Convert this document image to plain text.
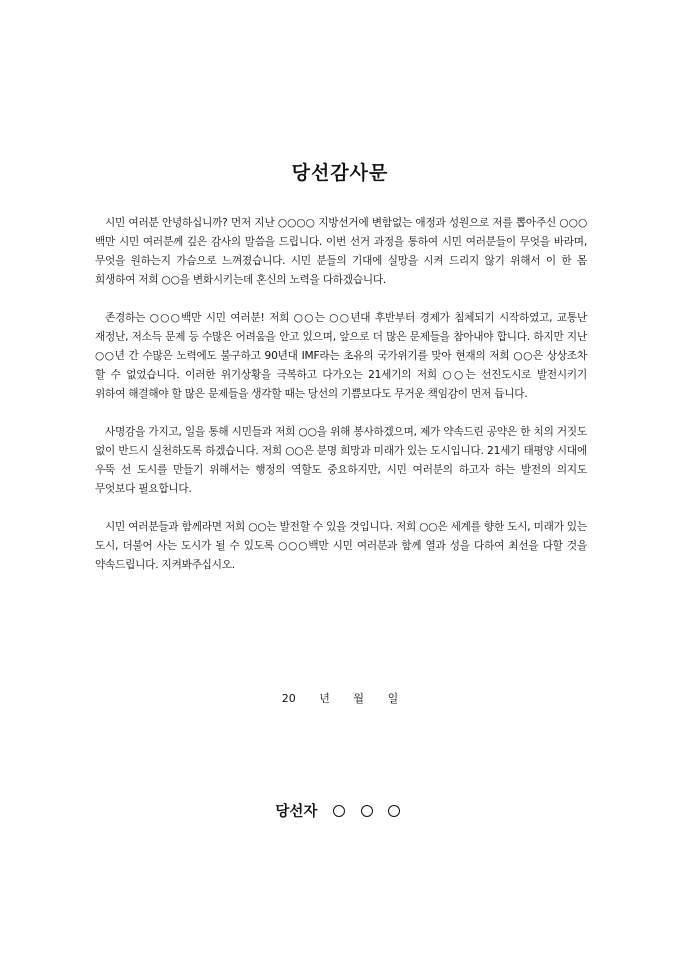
당선감사문

시민 여러분 안녕하십니까? 먼저 지난 ○○○○ 지방선거에 변함없는 애정과 성원으로 저를 뽑아주신 ○○○백만 시민 여러분께 깊은 감사의 말씀을 드립니다. 이번 선거 과정을 통하여 시민 여러분들이 무엇을 바라며, 무엇을 원하는지 가슴으로 느껴졌습니다. 시민 분들의 기대에 실망을 시켜 드리지 않기 위해서 이 한 몸 희생하여 저희 ○○을 변화시키는데 혼신의 노력을 다하겠습니다.

존경하는 ○○○백만 시민 여러분! 저희 ○○는 ○○년대 후반부터 경제가 침체되기 시작하였고, 교통난 재정난, 저소득 문제 등 수많은 어려움을 안고 있으며, 앞으로 더 많은 문제들을 참아내야 합니다. 하지만 지난 ○○년 간 수많은 노력에도 불구하고 90년대 IMF라는 초유의 국가위기를 맞아 현재의 저희 ○○은 상상조차 할 수 없었습니다. 이러한 위기상황을 극복하고 다가오는 21세기의 저희 ○○는 선진도시로 발전시키기 위하여 해결해야 할 많은 문제들을 생각할 때는 당선의 기쁨보다도 무거운 책임감이 먼저 듭니다.

사명감을 가지고, 일을 통해 시민들과 저희 ○○을 위해 봉사하겠으며, 제가 약속드린 공약은 한 치의 거짓도 없이 반드시 실천하도록 하겠습니다. 저희 ○○은 분명 희망과 미래가 있는 도시입니다. 21세기 태평양 시대에 우뚝 선 도시를 만들기 위해서는 행정의 역할도 중요하지만, 시민 여러분의 하고자 하는 발전의 의지도 무엇보다 필요합니다.

시민 여러분들과 함께라면 저희 ○○는 발전할 수 있을 것입니다. 저희 ○○은 세계를 향한 도시, 미래가 있는 도시, 더불어 사는 도시가 될 수 있도록 ○○○백만 시민 여러분과 함께 열과 성을 다하여 최선을 다할 것을 약속드립니다. 지켜봐주십시오.

20 년 월 일
당선자
